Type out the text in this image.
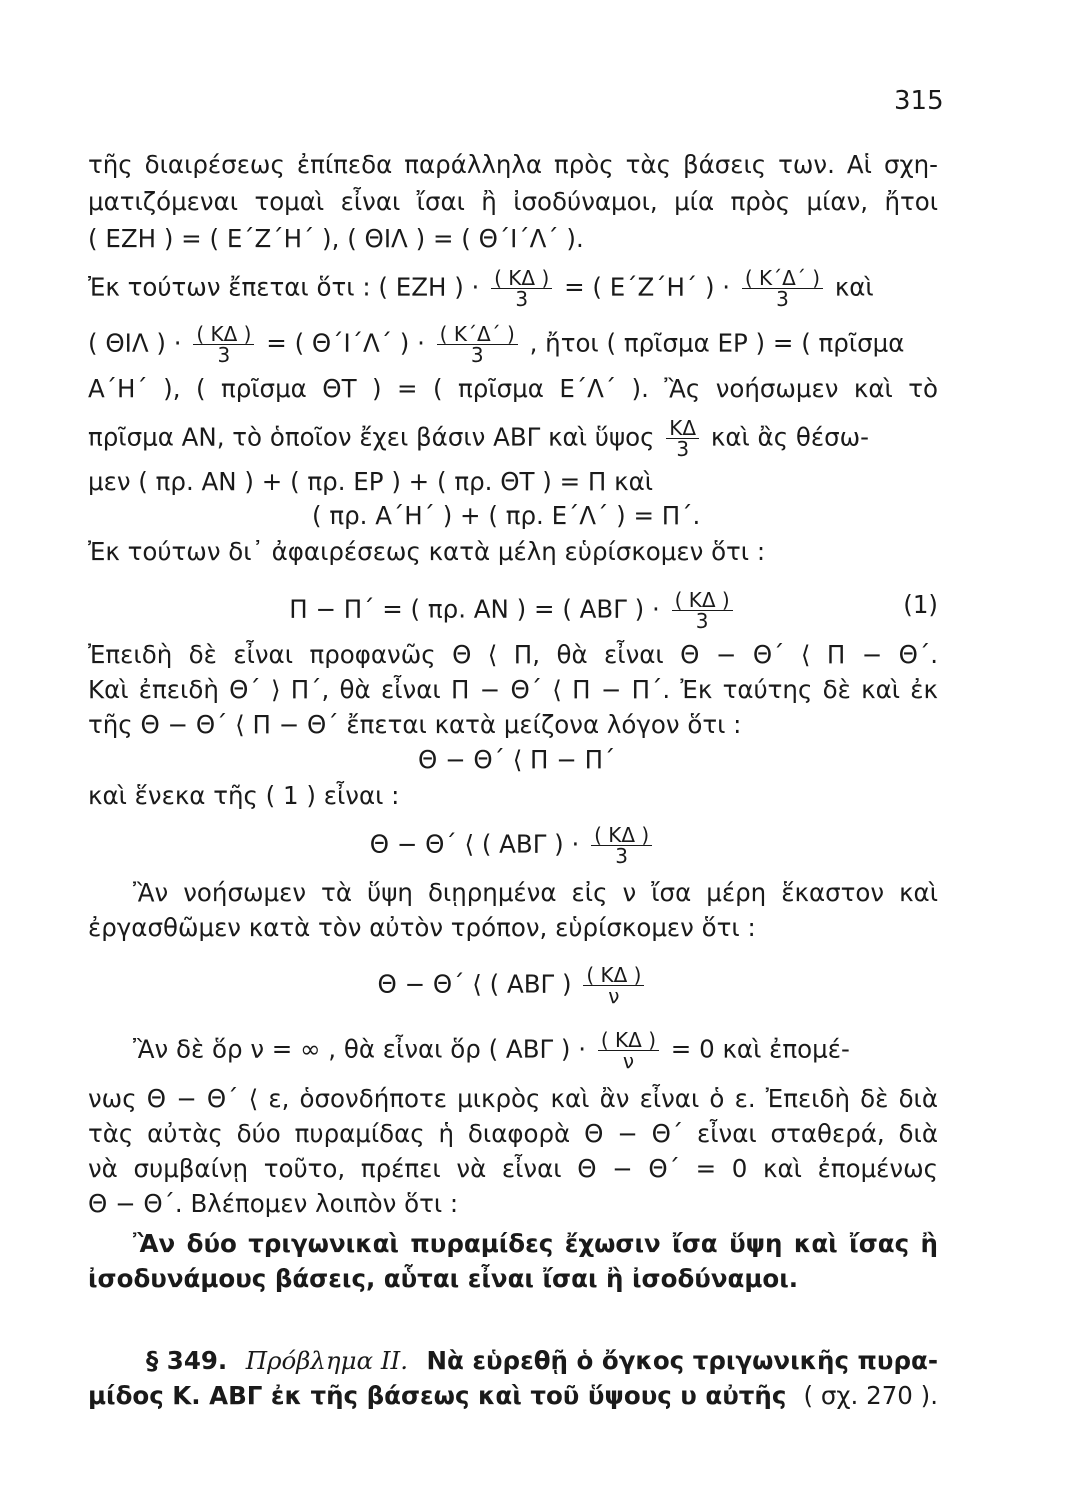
315
τῆς διαιρέσεως ἐπίπεδα παράλληλα πρὸς τὰς βάσεις των. Αἱ σχη-
ματιζόμεναι τομαὶ εἶναι ἴσαι ἢ ἰσοδύναμοι, μία πρὸς μίαν, ἤτοι
( ΕΖΗ ) = ( Ε΄Ζ΄Η΄ ), ( ΘΙΛ ) = ( Θ΄Ι΄Λ΄ ).
Ἐκ τούτων ἔπεται ὅτι : ( ΕΖΗ ) · $\frac{( K\Delta )}{3}$ = ( Ε΄Ζ΄Η΄ ) · $\frac{( K΄\Delta΄ )}{3}$ καὶ
( ΘΙΛ ) · $\frac{( K\Delta )}{3}$ = ( Θ΄Ι΄Λ΄ ) · $\frac{( K΄\Delta΄ )}{3}$ , ἤτοι ( πρῖσμα ΕΡ ) = ( πρῖσμα
Α΄Η΄ ), ( πρῖσμα ΘΤ ) = ( πρῖσμα Ε΄Λ΄ ). Ἂς νοήσωμεν καὶ τὸ
πρῖσμα ΑΝ, τὸ ὁποῖον ἔχει βάσιν ΑΒΓ καὶ ὕψος $\frac{K\Delta}{3}$ καὶ ἂς θέσω-
μεν ( πρ. ΑΝ ) + ( πρ. ΕΡ ) + ( πρ. ΘΤ ) = Π καὶ
( πρ. Α΄Η΄ ) + ( πρ. Ε΄Λ΄ ) = Π΄.
Ἐκ τούτων δι᾽ ἀφαιρέσεως κατὰ μέλη εὑρίσκομεν ὅτι :
Π − Π΄ = ( πρ. ΑΝ ) = ( ΑΒΓ ) · $\frac{( K\Delta )}{3}$	(1)
Ἐπειδὴ δὲ εἶναι προφανῶς Θ ⟨ Π, θὰ εἶναι Θ − Θ΄ ⟨ Π − Θ΄.
Καὶ ἐπειδὴ Θ΄ ⟩ Π΄, θὰ εἶναι Π − Θ΄ ⟨ Π − Π΄. Ἐκ ταύτης δὲ καὶ ἐκ
τῆς Θ − Θ΄ ⟨ Π − Θ΄ ἔπεται κατὰ μείζονα λόγον ὅτι :
Θ − Θ΄ ⟨ Π − Π΄
καὶ ἕνεκα τῆς ( 1 ) εἶναι :
Θ − Θ΄ ⟨ ( ΑΒΓ ) · $\frac{( K\Delta )}{3}$
Ἂν νοήσωμεν τὰ ὕψη διῃρημένα εἰς ν ἴσα μέρη ἕκαστον καὶ
ἐργασθῶμεν κατὰ τὸν αὐτὸν τρόπον, εὑρίσκομεν ὅτι :
Θ − Θ΄ ⟨ ( ΑΒΓ ) $\frac{( K\Delta )}{\nu}$
Ἂν δὲ ὅρ ν = ∞ , θὰ εἶναι ὅρ ( ΑΒΓ ) · $\frac{( K\Delta )}{\nu} = 0$ καὶ ἐπομέ-
νως Θ − Θ΄ ⟨ ε, ὁσονδήποτε μικρὸς καὶ ἂν εἶναι ὁ ε. Ἐπειδὴ δὲ διὰ
τὰς αὐτὰς δύο πυραμίδας ἡ διαφορὰ Θ − Θ΄ εἶναι σταθερά, διὰ
νὰ συμβαίνῃ τοῦτο, πρέπει νὰ εἶναι Θ − Θ΄ = 0 καὶ ἐπομένως
Θ − Θ΄. Βλέπομεν λοιπὸν ὅτι :
Ἂν δύο τριγωνικαὶ πυραμίδες ἔχωσιν ἴσα ὕψη καὶ ἴσας ἢ
ἰσοδυνάμους βάσεις, αὗται εἶναι ἴσαι ἢ ἰσοδύναμοι.
§ 349. Πρόβλημα ΙΙ. Νὰ εὑρεθῇ ὁ ὄγκος τριγωνικῆς πυρα-
μίδος Κ. ΑΒΓ ἐκ τῆς βάσεως καὶ τοῦ ὕψους υ αὐτῆς ( σχ. 270 ).
